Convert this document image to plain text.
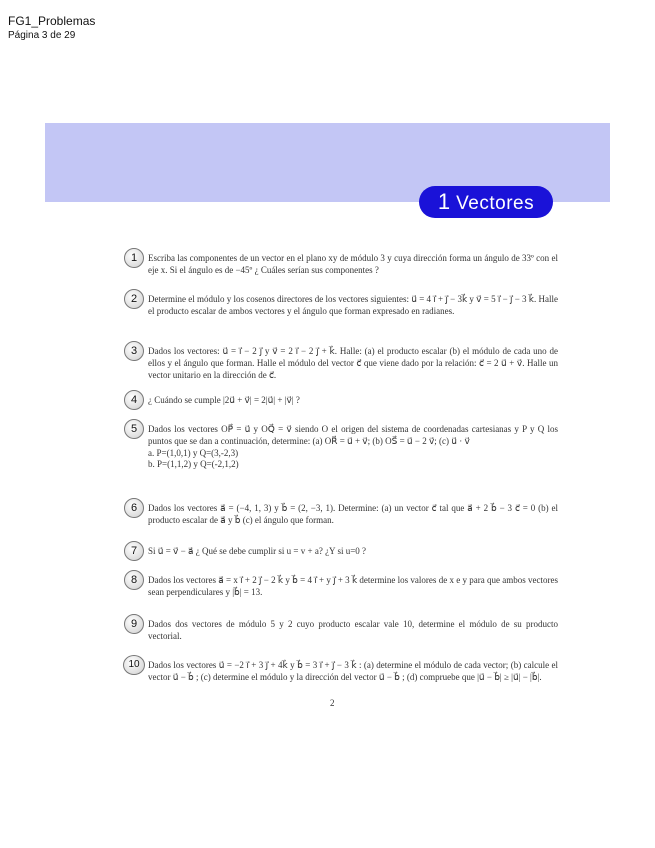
FG1_Problemas
Página 3 de 29
1 Vectores
1	Escriba las componentes de un vector en el plano xy de módulo 3 y cuya dirección forma un ángulo de 33º con el eje x. Si el ángulo es de −45º ¿ Cuáles serían sus componentes ?
2	Determine el módulo y los cosenos directores de los vectores siguientes: u⃗ = 4 i⃗ + j⃗ − 3k⃗ y v⃗ = 5 i⃗ − j⃗ − 3 k⃗. Halle el producto escalar de ambos vectores y el ángulo que forman expresado en radianes.
3	Dados los vectores: u⃗ = i⃗ − 2 j⃗ y v⃗ = 2 i⃗ − 2 j⃗ + k⃗. Halle: (a) el producto escalar (b) el módulo de cada uno de ellos y el ángulo que forman. Halle el módulo del vector c⃗ que viene dado por la relación: c⃗ = 2 u⃗ + v⃗. Halle un vector unitario en la dirección de c⃗.
4	¿ Cuándo se cumple |2u⃗ + v⃗| = 2|u⃗| + |v⃗| ?
5	Dados los vectores OP⃗ = u⃗ y OQ⃗ = v⃗ siendo O el origen del sistema de coordenadas cartesianas y P y Q los puntos que se dan a continuación, determine: (a) OR⃗ = u⃗ + v⃗; (b) OS⃗ = u⃗ − 2 v⃗; (c) u⃗ · v⃗
a. P=(1,0,1) y Q=(3,-2,3)
b. P=(1,1,2) y Q=(-2,1,2)
6	Dados los vectores a⃗ = (−4, 1, 3) y b⃗ = (2, −3, 1). Determine: (a) un vector c⃗ tal que a⃗ + 2 b⃗ − 3 c⃗ = 0 (b) el producto escalar de a⃗ y b⃗ (c) el ángulo que forman.
7	Si u⃗ = v⃗ − a⃗ ¿ Qué se debe cumplir si u = v + a? ¿Y si u=0 ?
8	Dados los vectores a⃗ = x i⃗ + 2 j⃗ − 2 k⃗ y b⃗ = 4 i⃗ + y j⃗ + 3 k⃗ determine los valores de x e y para que ambos vectores sean perpendiculares y |b⃗| = 13.
9	Dados dos vectores de módulo 5 y 2 cuyo producto escalar vale 10, determine el módulo de su producto vectorial.
10 Dados los vectores u⃗ = −2 i⃗ + 3 j⃗ + 4k⃗ y b⃗ = 3 i⃗ + j⃗ − 3 k⃗ : (a) determine el módulo de cada vector; (b) calcule el vector u⃗ − b⃗ ; (c) determine el módulo y la dirección del vector u⃗ − b⃗ ; (d) compruebe que |u⃗ − b⃗| ≥ |u⃗| − |b⃗|.
2
